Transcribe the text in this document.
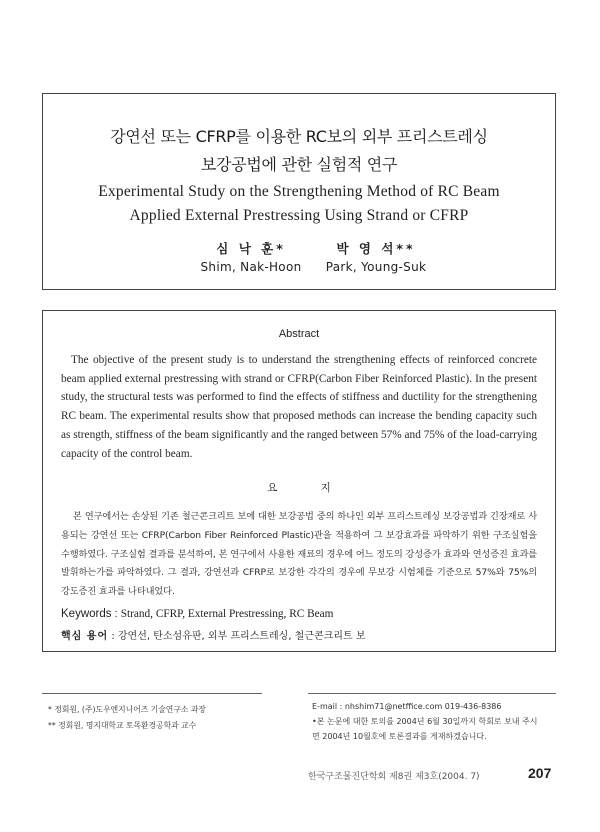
강연선 또는 CFRP를 이용한 RC보의 외부 프리스트레싱
보강공법에 관한 실험적 연구
Experimental Study on the Strengthening Method of RC Beam
Applied External Prestressing Using Strand or CFRP
심 낙 훈*
Shim, Nak-Hoon
박 영 석**
Park, Young-Suk
Abstract
The objective of the present study is to understand the strengthening effects of reinforced concrete beam applied external prestressing with strand or CFRP(Carbon Fiber Reinforced Plastic). In the present study, the structural tests was performed to find the effects of stiffness and ductility for the strengthening RC beam. The experimental results show that proposed methods can increase the bending capacity such as strength, stiffness of the beam significantly and the ranged between 57% and 75% of the load-carrying capacity of the control beam.
요 지
본 연구에서는 손상된 기존 철근콘크리트 보에 대한 보강공법 중의 하나인 외부 프리스트레싱 보강공법과 긴장재로 사용되는 강연선 또는 CFRP(Carbon Fiber Reinforced Plastic)관을 적용하여 그 보강효과를 파악하기 위한 구조실험을 수행하였다. 구조실험 결과를 분석하여, 본 연구에서 사용한 재료의 경우에 어느 정도의 강성증가 효과와 연성증진 효과를 발휘하는가를 파악하였다. 그 결과, 강연선과 CFRP로 보강한 각각의 경우에 무보강 시험체를 기준으로 57%와 75%의 강도증진 효과를 나타내었다.
Keywords : Strand, CFRP, External Prestressing, RC Beam
핵심 용어 : 강연선, 탄소섬유판, 외부 프리스트레싱, 철근콘크리트 보
* 정회원, (주)도우엔지니어즈 기술연구소 과장
** 정회원, 명지대학교 토목환경공학과 교수
E-mail : nhshim71@netffice.com 019-436-8386
•본 논문에 대한 토의를 2004년 6월 30일까지 학회로 보내 주시면 2004년 10월호에 토론결과를 게재하겠습니다.
한국구조물진단학회 제8권 제3호(2004. 7)	207
